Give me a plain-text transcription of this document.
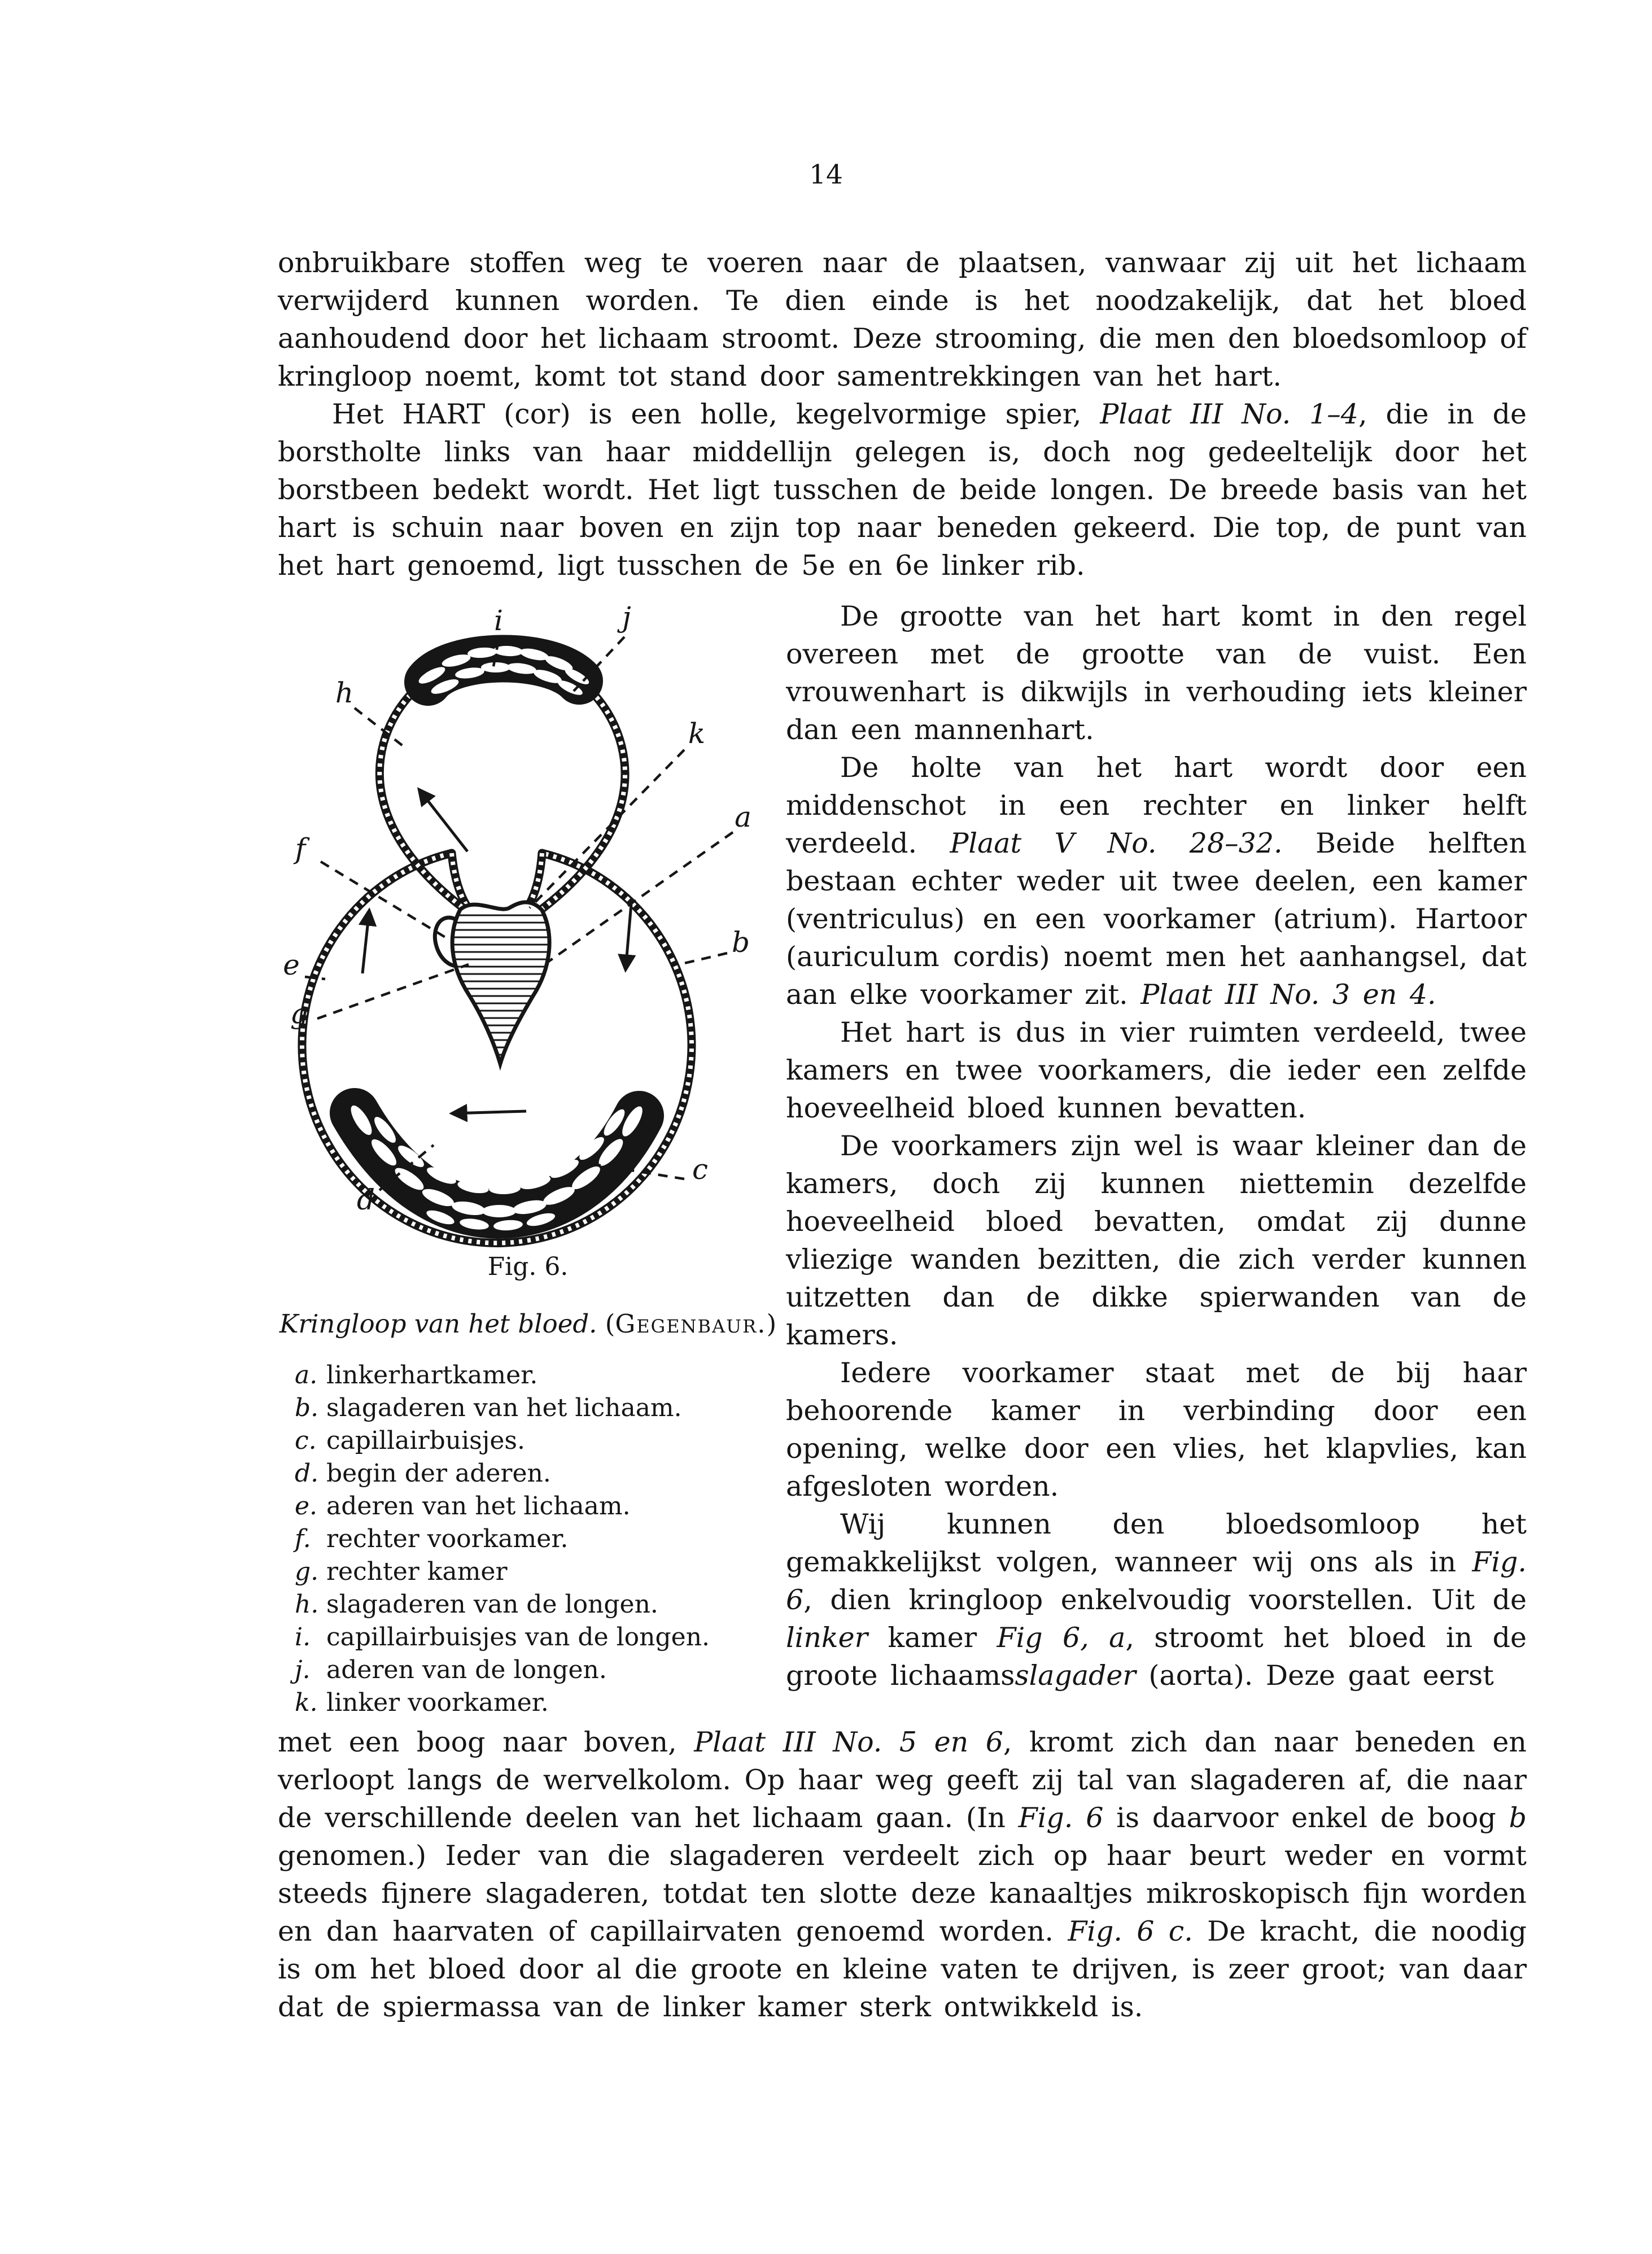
14

onbruikbare stoffen weg te voeren naar de plaatsen, vanwaar zij uit het lichaam verwijderd kunnen worden. Te dien einde is het noodzakelijk, dat het bloed aanhoudend door het lichaam stroomt. Deze strooming, die men den bloedsomloop of kringloop noemt, komt tot stand door samentrekkingen van het hart.

Het HART (cor) is een holle, kegelvormige spier, Plaat III No. 1–4, die in de borstholte links van haar middellijn gelegen is, doch nog gedeeltelijk door het borstbeen bedekt wordt. Het ligt tusschen de beide longen. De breede basis van het hart is schuin naar boven en zijn top naar beneden gekeerd. Die top, de punt van het hart genoemd, ligt tusschen de 5e en 6e linker rib.

i	j
h
k
a
f
b
e
g
d
c
Fig. 6.
Kringloop van het bloed. (Gegenbaur.)
a. linkerhartkamer.
b. slagaderen van het lichaam.
c. capillairbuisjes.
d. begin der aderen.
e. aderen van het lichaam.
f. rechter voorkamer.
g. rechter kamer
h. slagaderen van de longen.
i. capillairbuisjes van de longen.
j. aderen van de longen.
k. linker voorkamer.

De grootte van het hart komt in den regel overeen met de grootte van de vuist. Een vrouwenhart is dikwijls in verhouding iets kleiner dan een mannenhart.

De holte van het hart wordt door een middenschot in een rechter en linker helft verdeeld. Plaat V No. 28–32. Beide helften bestaan echter weder uit twee deelen, een kamer (ventriculus) en een voorkamer (atrium). Hartoor (auriculum cordis) noemt men het aanhangsel, dat aan elke voorkamer zit. Plaat III No. 3 en 4.

Het hart is dus in vier ruimten verdeeld, twee kamers en twee voorkamers, die ieder een zelfde hoeveelheid bloed kunnen bevatten.

De voorkamers zijn wel is waar kleiner dan de kamers, doch zij kunnen niettemin dezelfde hoeveelheid bloed bevatten, omdat zij dunne vliezige wanden bezitten, die zich verder kunnen uitzetten dan de dikke spierwanden van de kamers.

Iedere voorkamer staat met de bij haar behoorende kamer in verbinding door een opening, welke door een vlies, het klapvlies, kan afgesloten worden.

Wij kunnen den bloedsomloop het gemakkelijkst volgen, wanneer wij ons als in Fig. 6, dien kringloop enkelvoudig voorstellen. Uit de linker kamer Fig 6, a, stroomt het bloed in de groote lichaamsslagader (aorta). Deze gaat eerst

met een boog naar boven, Plaat III No. 5 en 6, kromt zich dan naar beneden en verloopt langs de wervelkolom. Op haar weg geeft zij tal van slagaderen af, die naar de verschillende deelen van het lichaam gaan. (In Fig. 6 is daarvoor enkel de boog b genomen.) Ieder van die slagaderen verdeelt zich op haar beurt weder en vormt steeds fijnere slagaderen, totdat ten slotte deze kanaaltjes mikroskopisch fijn worden en dan haarvaten of capillairvaten genoemd worden. Fig. 6 c. De kracht, die noodig is om het bloed door al die groote en kleine vaten te drijven, is zeer groot; van daar dat de spiermassa van de linker kamer sterk ontwikkeld is.
